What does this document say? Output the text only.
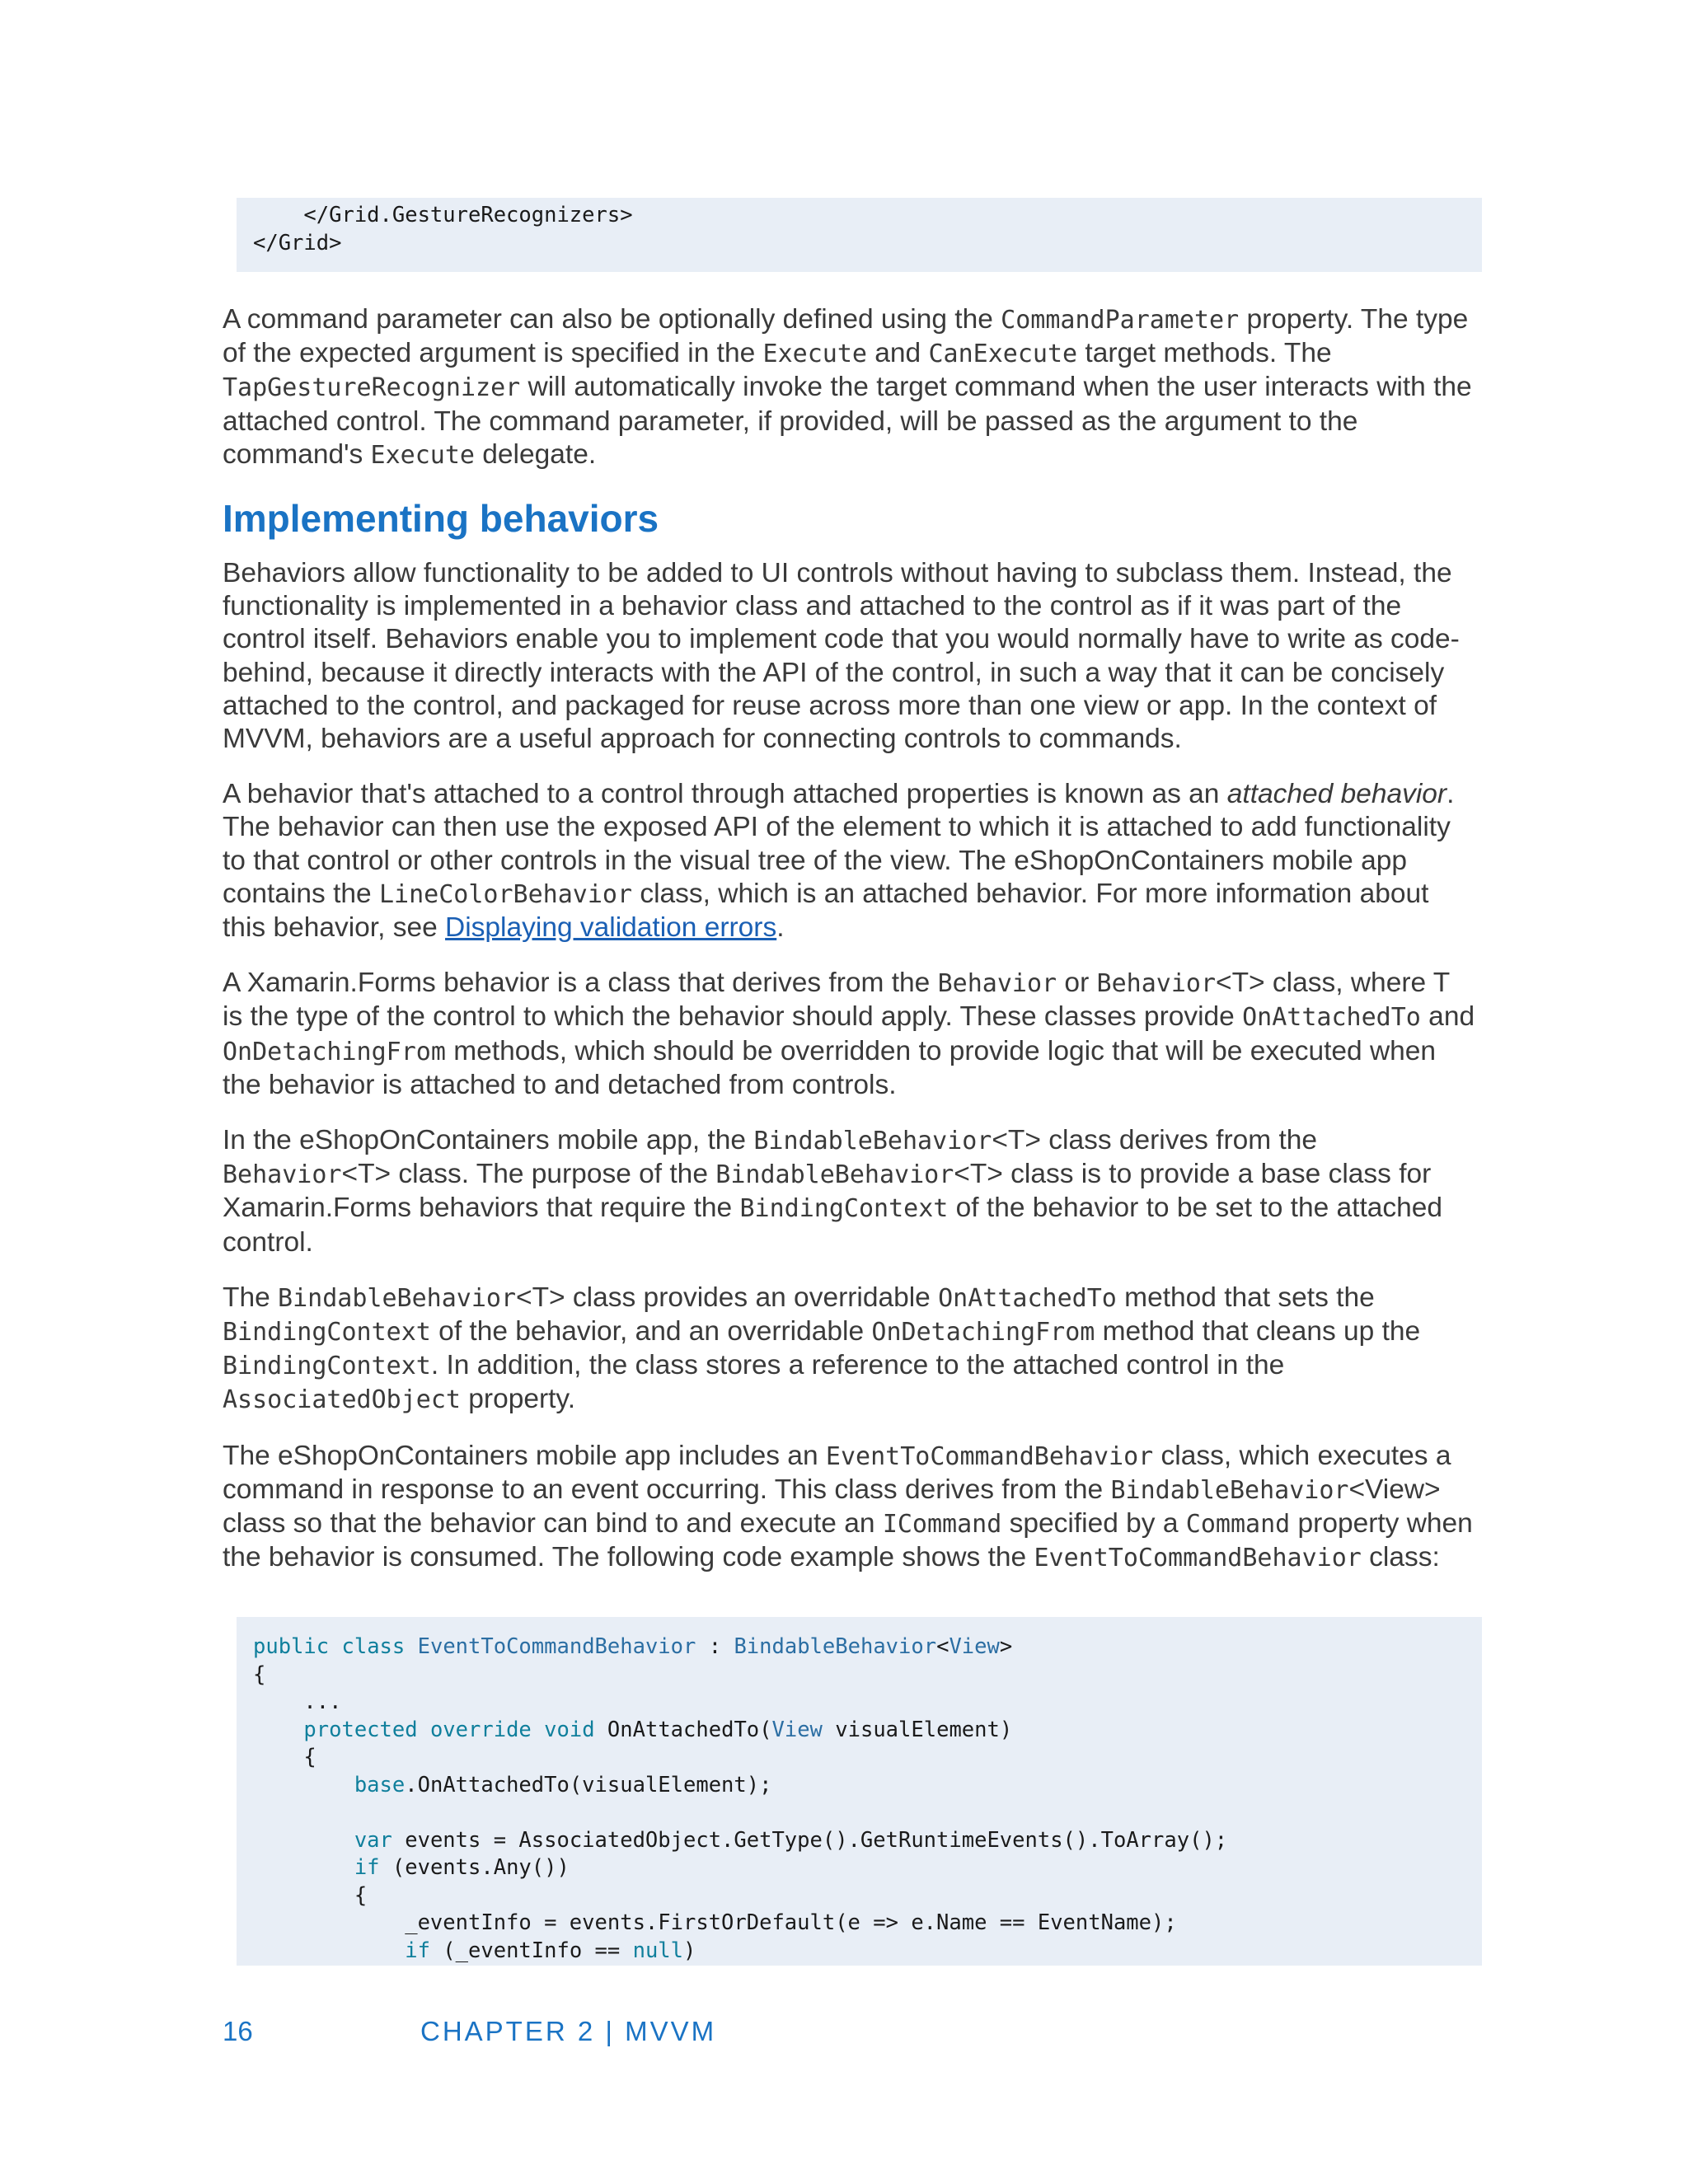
</Grid.GestureRecognizers>
</Grid>

A command parameter can also be optionally defined using the CommandParameter property. The type of the expected argument is specified in the Execute and CanExecute target methods. The TapGestureRecognizer will automatically invoke the target command when the user interacts with the attached control. The command parameter, if provided, will be passed as the argument to the command's Execute delegate.

Implementing behaviors

Behaviors allow functionality to be added to UI controls without having to subclass them. Instead, the functionality is implemented in a behavior class and attached to the control as if it was part of the control itself. Behaviors enable you to implement code that you would normally have to write as code-behind, because it directly interacts with the API of the control, in such a way that it can be concisely attached to the control, and packaged for reuse across more than one view or app. In the context of MVVM, behaviors are a useful approach for connecting controls to commands.

A behavior that's attached to a control through attached properties is known as an attached behavior. The behavior can then use the exposed API of the element to which it is attached to add functionality to that control or other controls in the visual tree of the view. The eShopOnContainers mobile app contains the LineColorBehavior class, which is an attached behavior. For more information about this behavior, see Displaying validation errors.

A Xamarin.Forms behavior is a class that derives from the Behavior or Behavior<T> class, where T is the type of the control to which the behavior should apply. These classes provide OnAttachedTo and OnDetachingFrom methods, which should be overridden to provide logic that will be executed when the behavior is attached to and detached from controls.

In the eShopOnContainers mobile app, the BindableBehavior<T> class derives from the Behavior<T> class. The purpose of the BindableBehavior<T> class is to provide a base class for Xamarin.Forms behaviors that require the BindingContext of the behavior to be set to the attached control.

The BindableBehavior<T> class provides an overridable OnAttachedTo method that sets the BindingContext of the behavior, and an overridable OnDetachingFrom method that cleans up the BindingContext. In addition, the class stores a reference to the attached control in the AssociatedObject property.

The eShopOnContainers mobile app includes an EventToCommandBehavior class, which executes a command in response to an event occurring. This class derives from the BindableBehavior<View> class so that the behavior can bind to and execute an ICommand specified by a Command property when the behavior is consumed. The following code example shows the EventToCommandBehavior class:

public class EventToCommandBehavior : BindableBehavior<View>
{
...
protected override void OnAttachedTo(View visualElement)
{
base.OnAttachedTo(visualElement);
var events = AssociatedObject.GetType().GetRuntimeEvents().ToArray();
if (events.Any())
{
_eventInfo = events.FirstOrDefault(e => e.Name == EventName);
if (_eventInfo == null)
16	CHAPTER 2 | MVVM
